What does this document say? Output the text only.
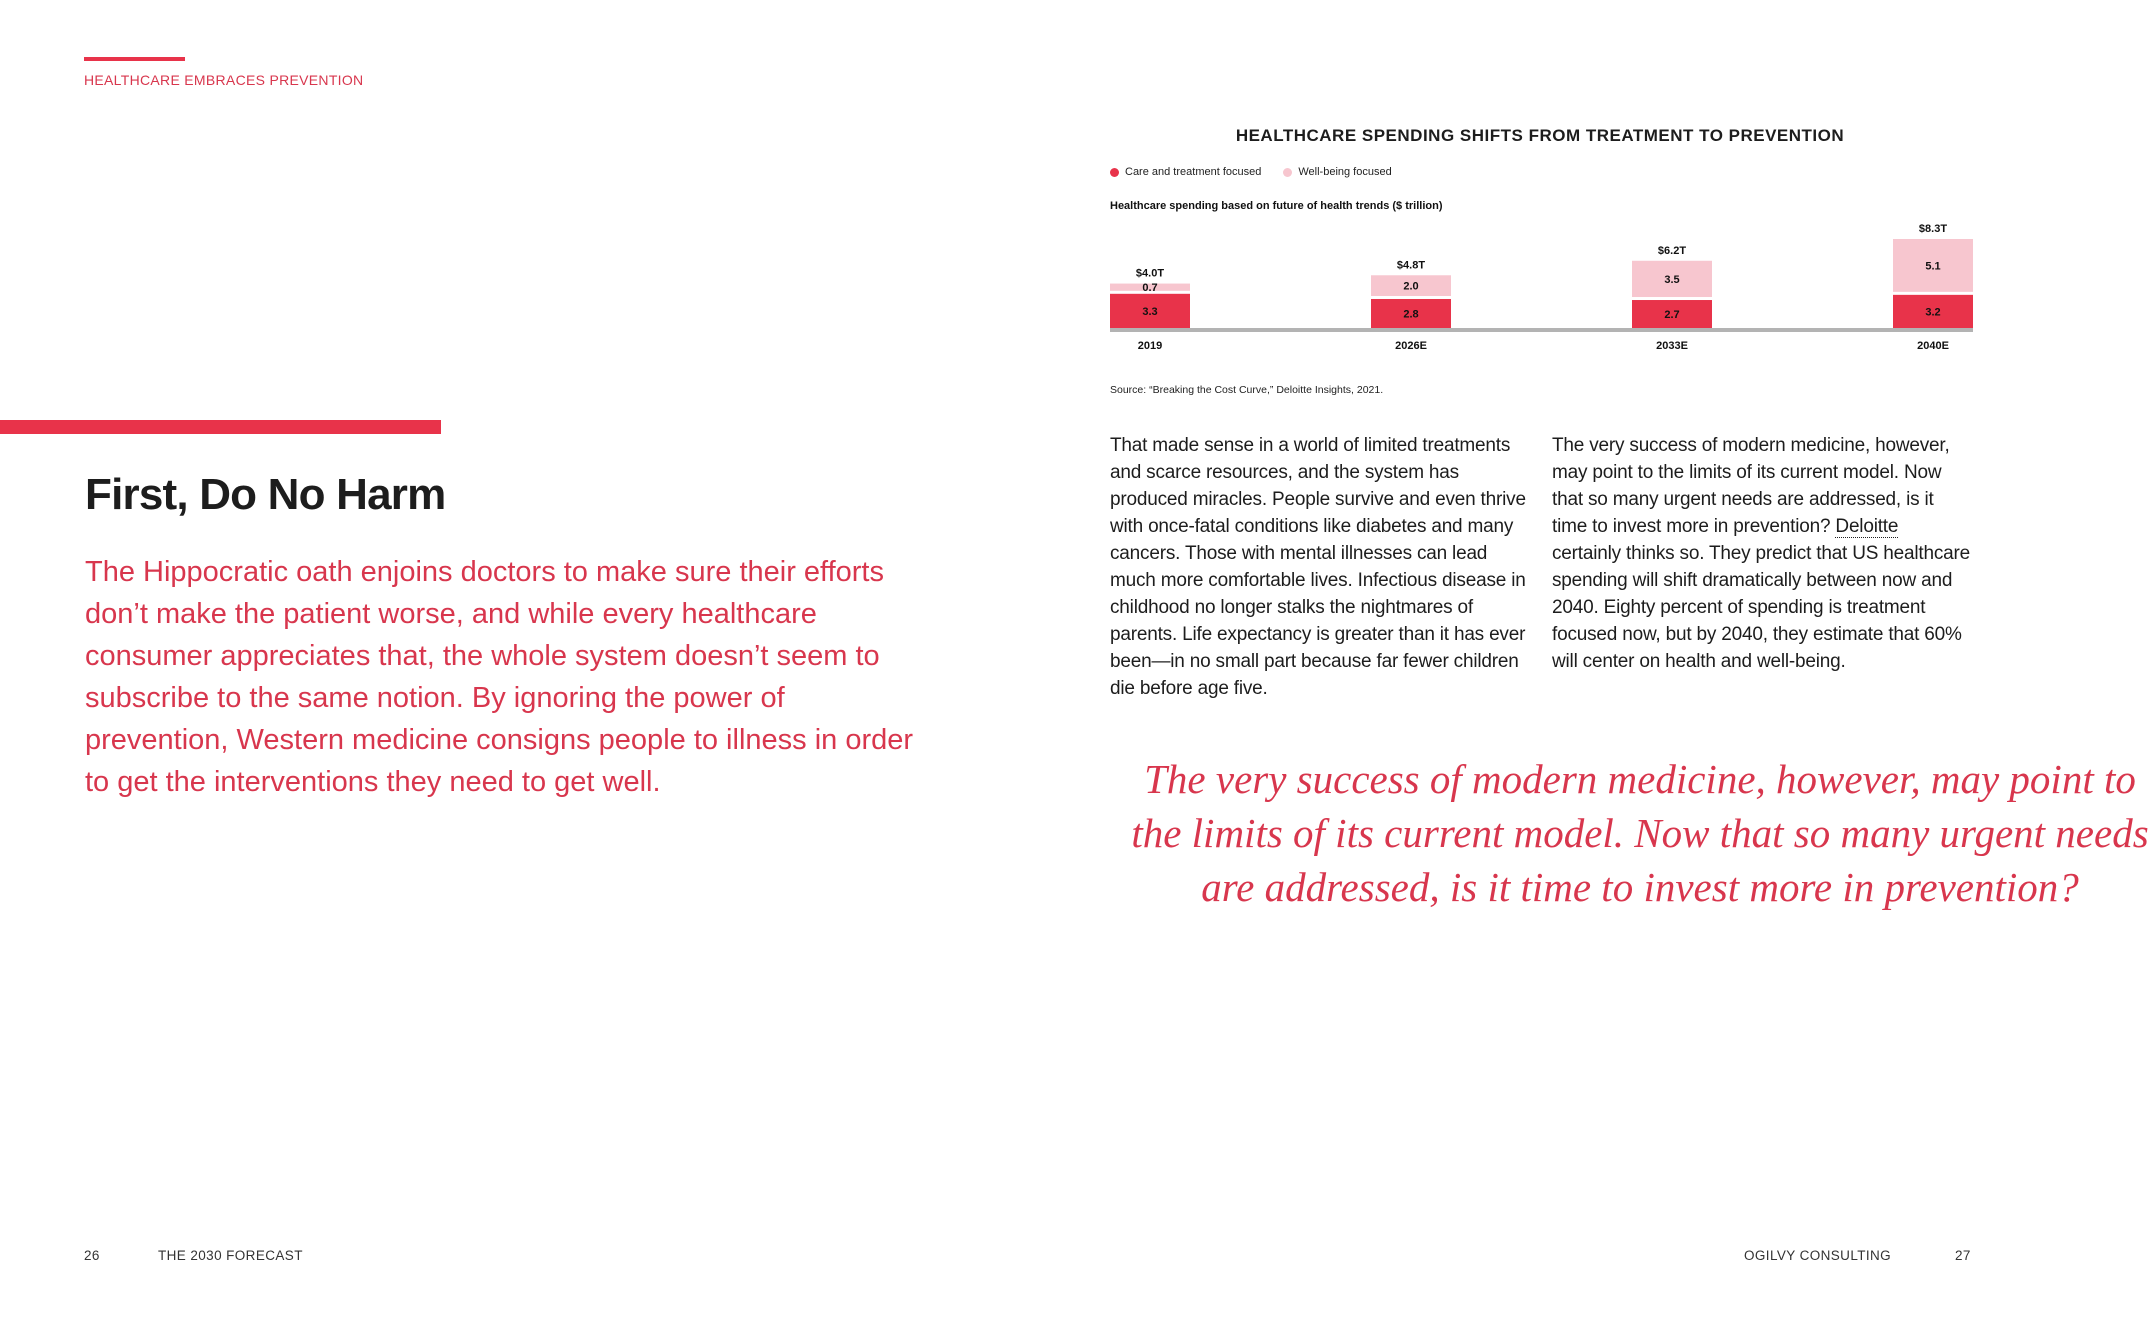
HEALTHCARE EMBRACES PREVENTION
First, Do No Harm

The Hippocratic oath enjoins doctors to make sure their efforts don’t make the patient worse, and while every healthcare consumer appreciates that, the whole system doesn’t seem to subscribe to the same notion. By ignoring the power of prevention, Western medicine consigns people to illness in order to get the interventions they need to get well.

HEALTHCARE SPENDING SHIFTS FROM TREATMENT TO PREVENTION
Care and treatment focused	Well-being focused
Healthcare spending based on future of health trends ($ trillion)
3.3
0.7
$4.0T
2019
2.8
2.0
$4.8T
2026E
2.7
3.5
$6.2T
2033E
3.2
5.1
$8.3T
2040E
Source: “Breaking the Cost Curve,” Deloitte Insights, 2021.

That made sense in a world of limited treatments and scarce resources, and the system has produced miracles. People survive and even thrive with once-fatal conditions like diabetes and many cancers. Those with mental illnesses can lead much more comfortable lives. Infectious disease in childhood no longer stalks the nightmares of parents. Life expectancy is greater than it has ever been—in no small part because far fewer children die before age five.

The very success of modern medicine, however, may point to the limits of its current model. Now that so many urgent needs are addressed, is it time to invest more in prevention? Deloitte certainly thinks so. They predict that US healthcare spending will shift dramatically between now and 2040. Eighty percent of spending is treatment focused now, but by 2040, they estimate that 60% will center on health and well-being.

The very success of modern medicine, however, may point to the limits of its current model. Now that so many urgent needs are addressed, is it time to invest more in prevention?

26	THE 2030 FORECAST	OGILVY CONSULTING	27
